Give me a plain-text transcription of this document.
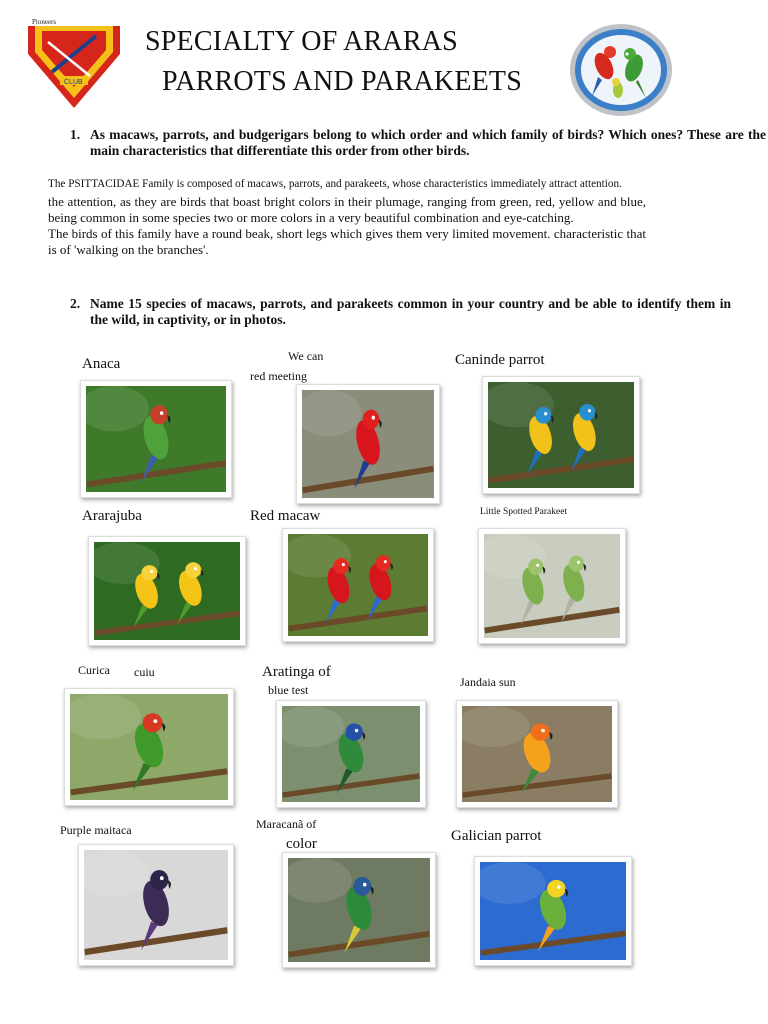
Pioneers
CLUB
SPECIALTY OF ARARAS
PARROTS AND PARAKEETS
1. As macaws, parrots, and budgerigars belong to which order and which family of birds? Which ones? These are the main characteristics that differentiate this order from other birds.
The PSITTACIDAE Family is composed of macaws, parrots, and parakeets, whose characteristics immediately attract attention.

the attention, as they are birds that boast bright colors in their plumage, ranging from green, red, yellow and blue, being common in some species two or more colors in a very beautiful combination and eye-catching.

The birds of this family have a round beak, short legs which gives them very limited movement. characteristic that is of 'walking on the branches'.

2. Name 15 species of macaws, parrots, and parakeets common in your country and be able to identify them in the wild, in captivity, or in photos.
Anaca	We can
red meeting
Caninde parrot
Ararajuba	Red macaw	Little Spotted Parakeet
Curica cuiu	Aratinga of
blue test
Jandaia sun
Purple maitaca	Maracanã of
color	Galician parrot
